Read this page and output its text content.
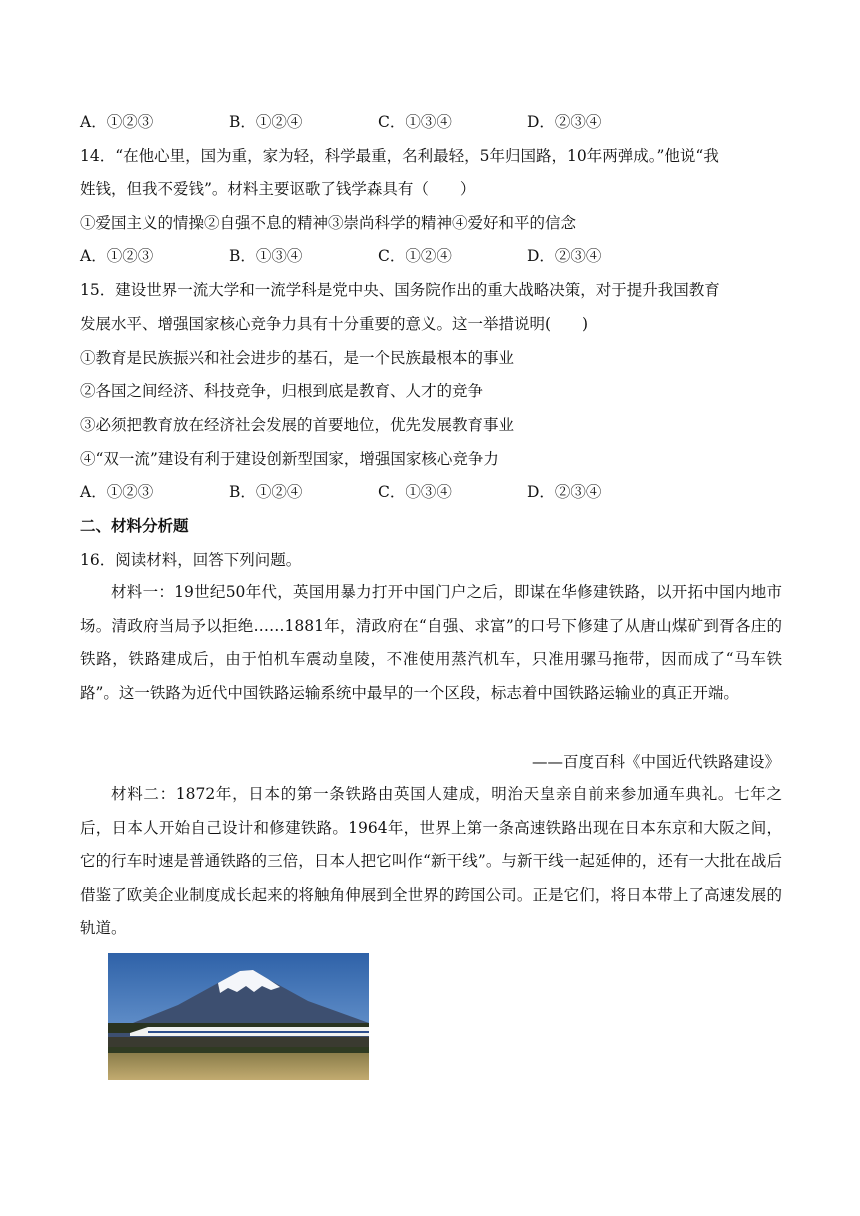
A．①②③	B．①②④	C．①③④	D．②③④
14．“在他心里，国为重，家为轻，科学最重，名利最轻，5年归国路，10年两弹成。”他说“我
姓钱，但我不爱钱”。材料主要讴歌了钱学森具有（　　）
①爱国主义的情操②自强不息的精神③崇尚科学的精神④爱好和平的信念
A．①②③	B．①③④	C．①②④	D．②③④
15．建设世界一流大学和一流学科是党中央、国务院作出的重大战略决策，对于提升我国教育
发展水平、增强国家核心竞争力具有十分重要的意义。这一举措说明(　　)
①教育是民族振兴和社会进步的基石，是一个民族最根本的事业
②各国之间经济、科技竞争，归根到底是教育、人才的竞争
③必须把教育放在经济社会发展的首要地位，优先发展教育事业
④“双一流”建设有利于建设创新型国家，增强国家核心竞争力
A．①②③	B．①②④	C．①③④	D．②③④
二、材料分析题
16．阅读材料，回答下列问题。
材料一：19世纪50年代，英国用暴力打开中国门户之后，即谋在华修建铁路，以开拓中国内地市场。清政府当局予以拒绝……1881年，清政府在“自强、求富”的口号下修建了从唐山煤矿到胥各庄的铁路，铁路建成后，由于怕机车震动皇陵，不准使用蒸汽机车，只准用骡马拖带，因而成了“马车铁路”。这一铁路为近代中国铁路运输系统中最早的一个区段，标志着中国铁路运输业的真正开端。
——百度百科《中国近代铁路建设》
材料二：1872年，日本的第一条铁路由英国人建成，明治天皇亲自前来参加通车典礼。七年之后，日本人开始自己设计和修建铁路。1964年，世界上第一条高速铁路出现在日本东京和大阪之间，它的行车时速是普通铁路的三倍，日本人把它叫作“新干线”。与新干线一起延伸的，还有一大批在战后借鉴了欧美企业制度成长起来的将触角伸展到全世界的跨国公司。正是它们，将日本带上了高速发展的轨道。
